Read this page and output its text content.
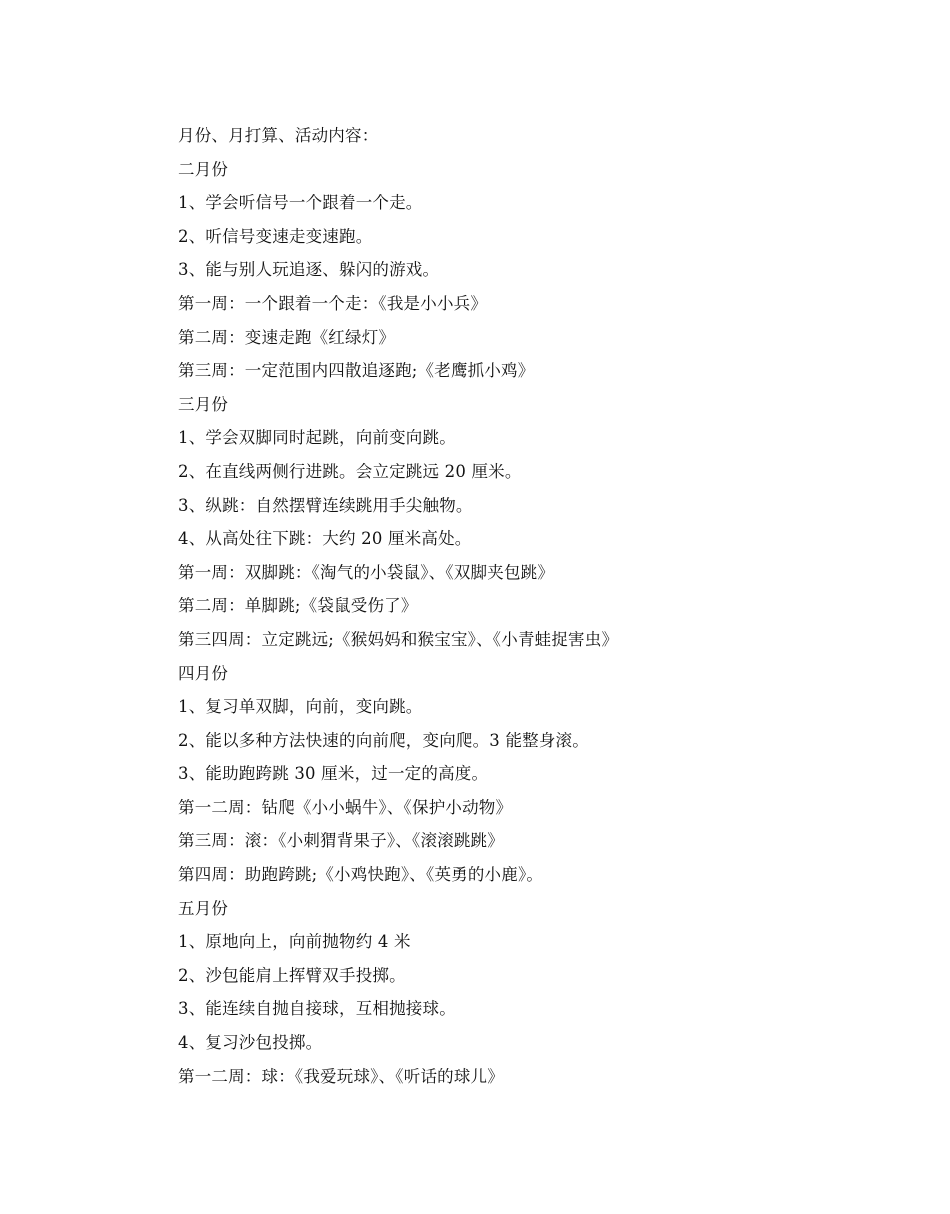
月份、月打算、活动内容：
二月份
1、学会听信号一个跟着一个走。
2、听信号变速走变速跑。
3、能与别人玩追逐、躲闪的游戏。
第一周：一个跟着一个走：《我是小小兵》
第二周：变速走跑《红绿灯》
第三周：一定范围内四散追逐跑;《老鹰抓小鸡》
三月份
1、学会双脚同时起跳，向前变向跳。
2、在直线两侧行进跳。会立定跳远 20 厘米。
3、纵跳：自然摆臂连续跳用手尖触物。
4、从高处往下跳：大约 20 厘米高处。
第一周：双脚跳：《淘气的小袋鼠》、《双脚夹包跳》
第二周：单脚跳;《袋鼠受伤了》
第三四周：立定跳远;《猴妈妈和猴宝宝》、《小青蛙捉害虫》
四月份
1、复习单双脚，向前，变向跳。
2、能以多种方法快速的向前爬，变向爬。3 能整身滚。
3、能助跑跨跳 30 厘米，过一定的高度。
第一二周：钻爬《小小蜗牛》、《保护小动物》
第三周：滚：《小刺猬背果子》、《滚滚跳跳》
第四周：助跑跨跳;《小鸡快跑》、《英勇的小鹿》。
五月份
1、原地向上，向前抛物约 4 米
2、沙包能肩上挥臂双手投掷。
3、能连续自抛自接球，互相抛接球。
4、复习沙包投掷。
第一二周：球：《我爱玩球》、《听话的球儿》
